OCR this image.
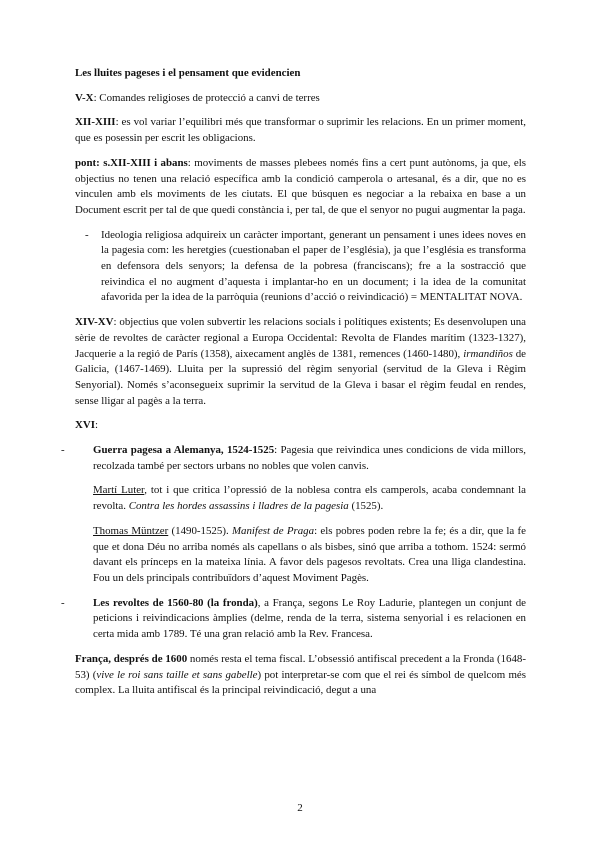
Les lluites pageses i el pensament que evidencien

V-X: Comandes religioses de protecció a canvi de terres

XII-XIII: es vol variar l’equilibri més que transformar o suprimir les relacions. En un primer moment, que es posessin per escrit les obligacions.

pont: s.XII-XIII i abans: moviments de masses plebees només fins a cert punt autònoms, ja que, els objectius no tenen una relació específica amb la condició camperola o artesanal, és a dir, que no es vinculen amb els moviments de les ciutats. El que búsquen es negociar a la rebaixa en base a un Document escrit per tal de que quedi constància i, per tal, de que el senyor no pugui augmentar la paga.

- Ideologia religiosa adquireix un caràcter important, generant un pensament i unes idees noves en la pagesia com: les heretgies (cuestionaban el paper de l’església), ja que l’església es transforma en defensora dels senyors; la defensa de la pobresa (franciscans); fre a la sostracció que reivindica el no augment d’aquesta i implantar-ho en un document; i la idea de la comunitat afavorida per la idea de la parròquia (reunions d’acció o reivindicació) = MENTALITAT NOVA.

XIV-XV: objectius que volen subvertir les relacions socials i polítiques existents; Es desenvolupen una sèrie de revoltes de caràcter regional a Europa Occidental: Revolta de Flandes marítim (1323-1327), Jacquerie a la regió de París (1358), aixecament anglès de 1381, remences (1460-1480), irmandiños de Galicia, (1467-1469). Lluita per la supressió del règim senyorial (servitud de la Gleva i Règim Senyorial). Només s’aconsegueix suprimir la servitud de la Gleva i basar el règim feudal en rendes, sense lligar al pagès a la terra.

XVI:

-	Guerra pagesa a Alemanya, 1524-1525: Pagesia que reivindica unes condicions de vida millors, recolzada també per sectors urbans no nobles que volen canvis.

Martí Luter, tot i que critica l’opressió de la noblesa contra els camperols, acaba condemnant la revolta. Contra les hordes assassins i lladres de la pagesia (1525).

Thomas Müntzer (1490-1525). Manifest de Praga: els pobres poden rebre la fe; és a dir, que la fe que et dona Déu no arriba només als capellans o als bisbes, sinó que arriba a tothom. 1524: sermó davant els prínceps en la mateixa línia. A favor dels pagesos revoltats. Crea una lliga clandestina. Fou un dels principals contribuïdors d’aquest Moviment Pagès.

-	Les revoltes de 1560-80 (la fronda), a França, segons Le Roy Ladurie, plantegen un conjunt de peticions i reivindicacions àmplies (delme, renda de la terra, sistema senyorial i es relacionen en certa mida amb 1789. Té una gran relació amb la Rev. Francesa.

França, després de 1600 només resta el tema fiscal. L’obsessió antifiscal precedent a la Fronda (1648-53) (vive le roi sans taille et sans gabelle) pot interpretar-se com que el rei és símbol de quelcom més complex. La lluita antifiscal és la principal reivindicació, degut a una

2
